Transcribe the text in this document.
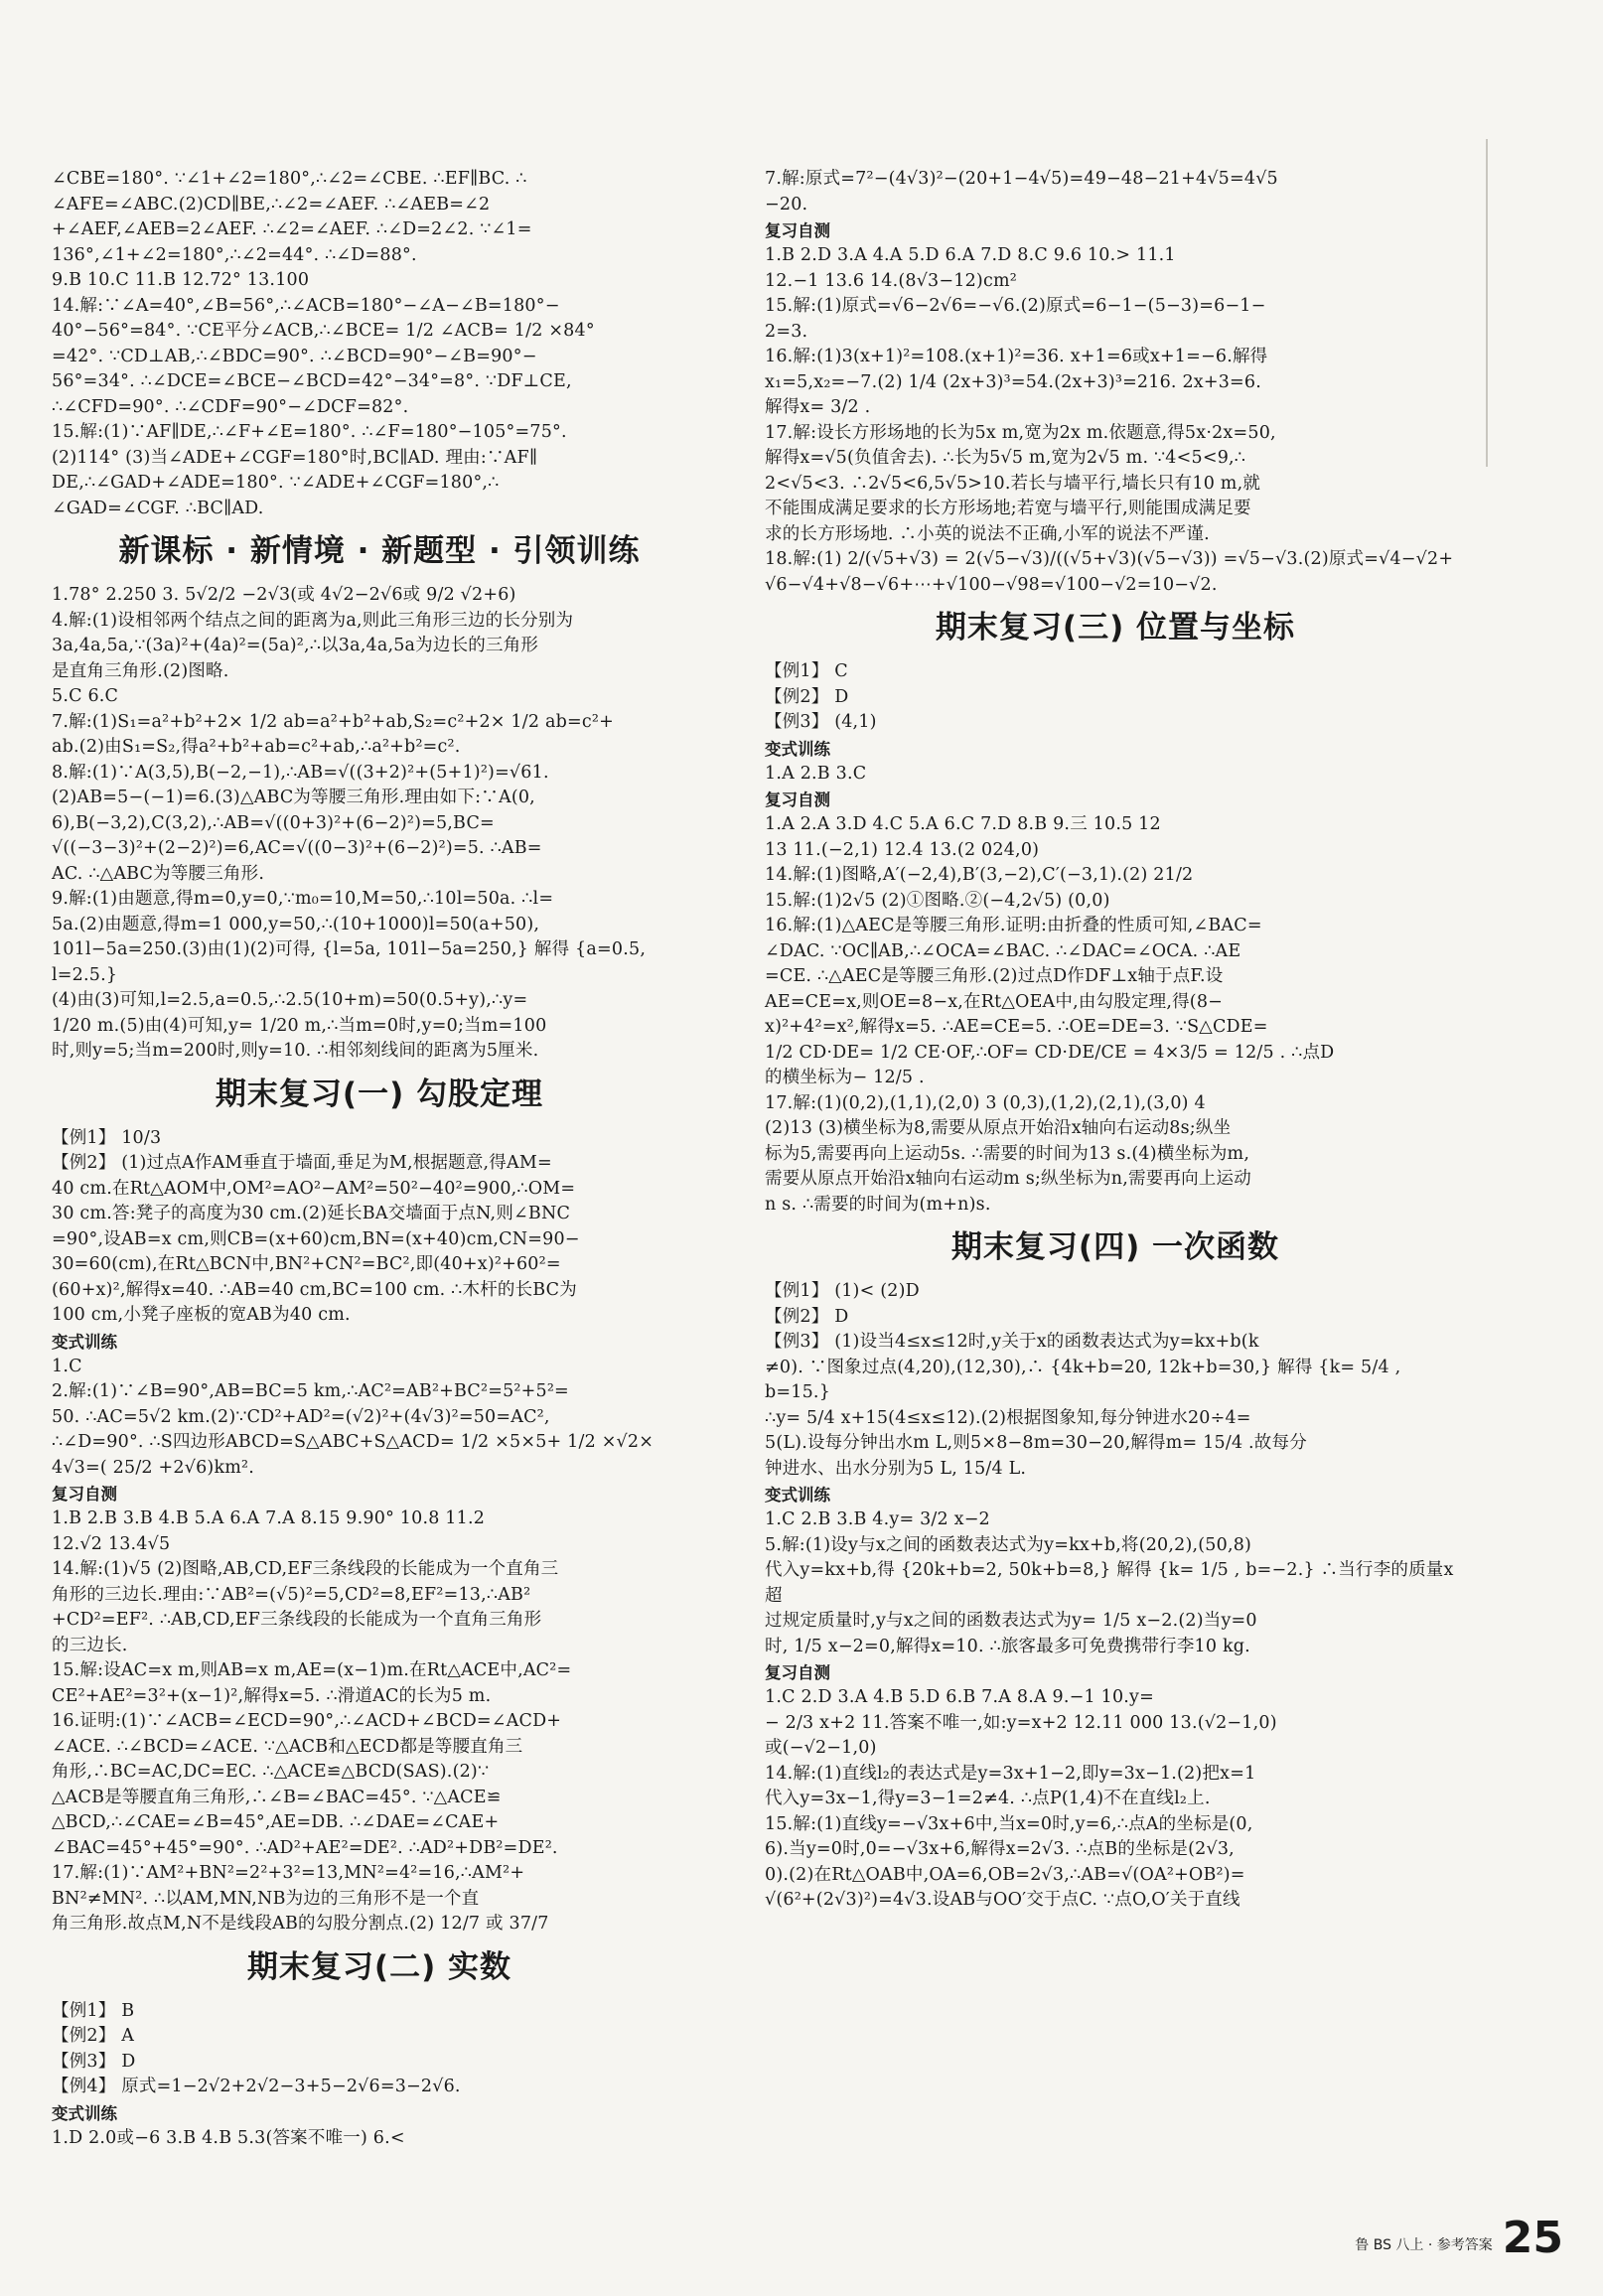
∠CBE=180°. ∵∠1+∠2=180°,∴∠2=∠CBE. ∴EF∥BC. ∴

∠AFE=∠ABC.(2)CD∥BE,∴∠2=∠AEF. ∴∠AEB=∠2

+∠AEF,∠AEB=2∠AEF. ∴∠2=∠AEF. ∴∠D=2∠2. ∵∠1=

136°,∠1+∠2=180°,∴∠2=44°. ∴∠D=88°.

9.B 10.C 11.B 12.72° 13.100

14.解:∵∠A=40°,∠B=56°,∴∠ACB=180°−∠A−∠B=180°−

40°−56°=84°. ∵CE平分∠ACB,∴∠BCE= 1/2 ∠ACB= 1/2 ×84°

=42°. ∵CD⊥AB,∴∠BDC=90°. ∴∠BCD=90°−∠B=90°−

56°=34°. ∴∠DCE=∠BCE−∠BCD=42°−34°=8°. ∵DF⊥CE,

∴∠CFD=90°. ∴∠CDF=90°−∠DCF=82°.

15.解:(1)∵AF∥DE,∴∠F+∠E=180°. ∴∠F=180°−105°=75°.

(2)114° (3)当∠ADE+∠CGF=180°时,BC∥AD. 理由:∵AF∥

DE,∴∠GAD+∠ADE=180°. ∵∠ADE+∠CGF=180°,∴

∠GAD=∠CGF. ∴BC∥AD.

新课标 · 新情境 · 新题型 · 引领训练

1.78° 2.250 3. 5√2/2 −2√3(或 4√2−2√6或 9/2 √2+6)

4.解:(1)设相邻两个结点之间的距离为a,则此三角形三边的长分别为

3a,4a,5a,∵(3a)²+(4a)²=(5a)²,∴以3a,4a,5a为边长的三角形

是直角三角形.(2)图略.

5.C 6.C

7.解:(1)S₁=a²+b²+2× 1/2 ab=a²+b²+ab,S₂=c²+2× 1/2 ab=c²+

ab.(2)由S₁=S₂,得a²+b²+ab=c²+ab,∴a²+b²=c².

8.解:(1)∵A(3,5),B(−2,−1),∴AB=√((3+2)²+(5+1)²)=√61.

(2)AB=5−(−1)=6.(3)△ABC为等腰三角形.理由如下:∵A(0,

6),B(−3,2),C(3,2),∴AB=√((0+3)²+(6−2)²)=5,BC=

√((−3−3)²+(2−2)²)=6,AC=√((0−3)²+(6−2)²)=5. ∴AB=

AC. ∴△ABC为等腰三角形.

9.解:(1)由题意,得m=0,y=0,∵m₀=10,M=50,∴10l=50a. ∴l=

5a.(2)由题意,得m=1 000,y=50,∴(10+1000)l=50(a+50),

101l−5a=250.(3)由(1)(2)可得, {l=5a, 101l−5a=250,} 解得 {a=0.5, l=2.5.}

(4)由(3)可知,l=2.5,a=0.5,∴2.5(10+m)=50(0.5+y),∴y=

1/20 m.(5)由(4)可知,y= 1/20 m,∴当m=0时,y=0;当m=100

时,则y=5;当m=200时,则y=10. ∴相邻刻线间的距离为5厘米.

期末复习(一) 勾股定理

【例1】 10/3

【例2】 (1)过点A作AM垂直于墙面,垂足为M,根据题意,得AM=

40 cm.在Rt△AOM中,OM²=AO²−AM²=50²−40²=900,∴OM=

30 cm.答:凳子的高度为30 cm.(2)延长BA交墙面于点N,则∠BNC

=90°,设AB=x cm,则CB=(x+60)cm,BN=(x+40)cm,CN=90−

30=60(cm),在Rt△BCN中,BN²+CN²=BC²,即(40+x)²+60²=

(60+x)²,解得x=40. ∴AB=40 cm,BC=100 cm. ∴木杆的长BC为

100 cm,小凳子座板的宽AB为40 cm.

变式训练

1.C

2.解:(1)∵∠B=90°,AB=BC=5 km,∴AC²=AB²+BC²=5²+5²=

50. ∴AC=5√2 km.(2)∵CD²+AD²=(√2)²+(4√3)²=50=AC²,

∴∠D=90°. ∴S四边形ABCD=S△ABC+S△ACD= 1/2 ×5×5+ 1/2 ×√2×

4√3=( 25/2 +2√6)km².

复习自测

1.B 2.B 3.B 4.B 5.A 6.A 7.A 8.15 9.90° 10.8 11.2

12.√2 13.4√5

14.解:(1)√5 (2)图略,AB,CD,EF三条线段的长能成为一个直角三

角形的三边长.理由:∵AB²=(√5)²=5,CD²=8,EF²=13,∴AB²

+CD²=EF². ∴AB,CD,EF三条线段的长能成为一个直角三角形

的三边长.

15.解:设AC=x m,则AB=x m,AE=(x−1)m.在Rt△ACE中,AC²=

CE²+AE²=3²+(x−1)²,解得x=5. ∴滑道AC的长为5 m.

16.证明:(1)∵∠ACB=∠ECD=90°,∴∠ACD+∠BCD=∠ACD+

∠ACE. ∴∠BCD=∠ACE. ∵△ACB和△ECD都是等腰直角三

角形,∴BC=AC,DC=EC. ∴△ACE≌△BCD(SAS).(2)∵

△ACB是等腰直角三角形,∴∠B=∠BAC=45°. ∵△ACE≌

△BCD,∴∠CAE=∠B=45°,AE=DB. ∴∠DAE=∠CAE+

∠BAC=45°+45°=90°. ∴AD²+AE²=DE². ∴AD²+DB²=DE².

17.解:(1)∵AM²+BN²=2²+3²=13,MN²=4²=16,∴AM²+

BN²≠MN². ∴以AM,MN,NB为边的三角形不是一个直

角三角形.故点M,N不是线段AB的勾股分割点.(2) 12/7 或 37/7

期末复习(二) 实数

【例1】 B

【例2】 A

【例3】 D

【例4】 原式=1−2√2+2√2−3+5−2√6=3−2√6.

变式训练

1.D 2.0或−6 3.B 4.B 5.3(答案不唯一) 6.<

7.解:原式=7²−(4√3)²−(20+1−4√5)=49−48−21+4√5=4√5

−20.

复习自测

1.B 2.D 3.A 4.A 5.D 6.A 7.D 8.C 9.6 10.> 11.1

12.−1 13.6 14.(8√3−12)cm²

15.解:(1)原式=√6−2√6=−√6.(2)原式=6−1−(5−3)=6−1−

2=3.

16.解:(1)3(x+1)²=108.(x+1)²=36. x+1=6或x+1=−6.解得

x₁=5,x₂=−7.(2) 1/4 (2x+3)³=54.(2x+3)³=216. 2x+3=6.

解得x= 3/2 .

17.解:设长方形场地的长为5x m,宽为2x m.依题意,得5x·2x=50,

解得x=√5(负值舍去). ∴长为5√5 m,宽为2√5 m. ∵4<5<9,∴

2<√5<3. ∴2√5<6,5√5>10.若长与墙平行,墙长只有10 m,就

不能围成满足要求的长方形场地;若宽与墙平行,则能围成满足要

求的长方形场地. ∴小英的说法不正确,小军的说法不严谨.

18.解:(1) 2/(√5+√3) = 2(√5−√3)/((√5+√3)(√5−√3)) =√5−√3.(2)原式=√4−√2+

√6−√4+√8−√6+⋯+√100−√98=√100−√2=10−√2.

期末复习(三) 位置与坐标

【例1】 C

【例2】 D

【例3】 (4,1)

变式训练

1.A 2.B 3.C

复习自测

1.A 2.A 3.D 4.C 5.A 6.C 7.D 8.B 9.三 10.5 12

13 11.(−2,1) 12.4 13.(2 024,0)

14.解:(1)图略,A′(−2,4),B′(3,−2),C′(−3,1).(2) 21/2

15.解:(1)2√5 (2)①图略.②(−4,2√5) (0,0)

16.解:(1)△AEC是等腰三角形.证明:由折叠的性质可知,∠BAC=

∠DAC. ∵OC∥AB,∴∠OCA=∠BAC. ∴∠DAC=∠OCA. ∴AE

=CE. ∴△AEC是等腰三角形.(2)过点D作DF⊥x轴于点F.设

AE=CE=x,则OE=8−x,在Rt△OEA中,由勾股定理,得(8−

x)²+4²=x²,解得x=5. ∴AE=CE=5. ∴OE=DE=3. ∵S△CDE=

1/2 CD·DE= 1/2 CE·OF,∴OF= CD·DE/CE = 4×3/5 = 12/5 . ∴点D

的横坐标为− 12/5 .

17.解:(1)(0,2),(1,1),(2,0) 3 (0,3),(1,2),(2,1),(3,0) 4

(2)13 (3)横坐标为8,需要从原点开始沿x轴向右运动8s;纵坐

标为5,需要再向上运动5s. ∴需要的时间为13 s.(4)横坐标为m,

需要从原点开始沿x轴向右运动m s;纵坐标为n,需要再向上运动

n s. ∴需要的时间为(m+n)s.

期末复习(四) 一次函数

【例1】 (1)< (2)D

【例2】 D

【例3】 (1)设当4≤x≤12时,y关于x的函数表达式为y=kx+b(k

≠0). ∵图象过点(4,20),(12,30),∴ {4k+b=20, 12k+b=30,} 解得 {k= 5/4 , b=15.}

∴y= 5/4 x+15(4≤x≤12).(2)根据图象知,每分钟进水20÷4=

5(L).设每分钟出水m L,则5×8−8m=30−20,解得m= 15/4 .故每分

钟进水、出水分别为5 L, 15/4 L.

变式训练

1.C 2.B 3.B 4.y= 3/2 x−2

5.解:(1)设y与x之间的函数表达式为y=kx+b,将(20,2),(50,8)

代入y=kx+b,得 {20k+b=2, 50k+b=8,} 解得 {k= 1/5 , b=−2.} ∴当行李的质量x超

过规定质量时,y与x之间的函数表达式为y= 1/5 x−2.(2)当y=0

时, 1/5 x−2=0,解得x=10. ∴旅客最多可免费携带行李10 kg.

复习自测

1.C 2.D 3.A 4.B 5.D 6.B 7.A 8.A 9.−1 10.y=

− 2/3 x+2 11.答案不唯一,如:y=x+2 12.11 000 13.(√2−1,0)

或(−√2−1,0)

14.解:(1)直线l₂的表达式是y=3x+1−2,即y=3x−1.(2)把x=1

代入y=3x−1,得y=3−1=2≠4. ∴点P(1,4)不在直线l₂上.

15.解:(1)直线y=−√3x+6中,当x=0时,y=6,∴点A的坐标是(0,

6).当y=0时,0=−√3x+6,解得x=2√3. ∴点B的坐标是(2√3,

0).(2)在Rt△OAB中,OA=6,OB=2√3,∴AB=√(OA²+OB²)=

√(6²+(2√3)²)=4√3.设AB与OO′交于点C. ∵点O,O′关于直线

鲁 BS 八上 · 参考答案 25
